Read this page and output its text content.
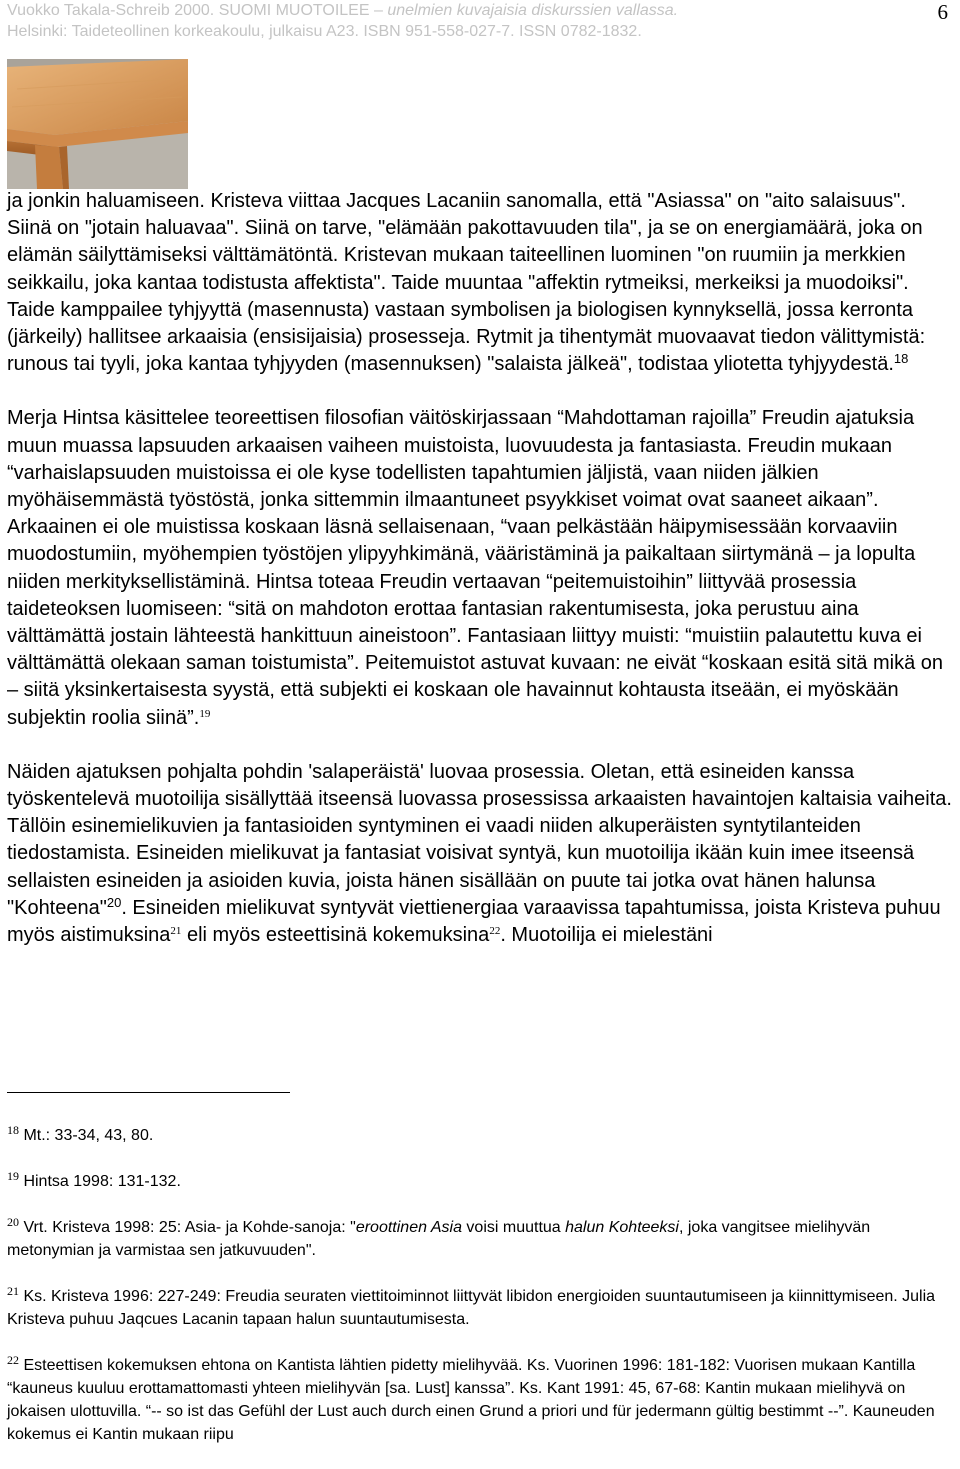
Vuokko Takala-Schreib 2000. SUOMI MUOTOILEE – unelmien kuvajaisia diskurssien vallassa.
Helsinki: Taideteollinen korkeakoulu, julkaisu A23. ISBN 951-558-027-7. ISSN 0782-1832.
6

ja jonkin haluamiseen. Kristeva viittaa Jacques Lacaniin sanomalla, että "Asiassa" on "aito salaisuus". Siinä on "jotain haluavaa". Siinä on tarve, "elämään pakottavuuden tila", ja se on energiamäärä, joka on elämän säilyttämiseksi välttämätöntä. Kristevan mukaan taiteellinen luominen "on ruumiin ja merkkien seikkailu, joka kantaa todistusta affektista". Taide muuntaa "affektin rytmeiksi, merkeiksi ja muodoiksi". Taide kamppailee tyhjyyttä (masennusta) vastaan symbolisen ja biologisen kynnyksellä, jossa kerronta (järkeily) hallitsee arkaaisia (ensisijaisia) prosesseja. Rytmit ja tihentymät muovaavat tiedon välittymistä: runous tai tyyli, joka kantaa tyhjyyden (masennuksen) "salaista jälkeä", todistaa yliotetta tyhjyydestä.$^{18}$

Merja Hintsa käsittelee teoreettisen filosofian väitöskirjassaan “Mahdottaman rajoilla” Freudin ajatuksia muun muassa lapsuuden arkaaisen vaiheen muistoista, luovuudesta ja fantasiasta. Freudin mukaan “varhaislapsuuden muistoissa ei ole kyse todellisten tapahtumien jäljistä, vaan niiden jälkien myöhäisemmästä työstöstä, jonka sittemmin ilmaantuneet psyykkiset voimat ovat saaneet aikaan”. Arkaainen ei ole muistissa koskaan läsnä sellaisenaan, “vaan pelkästään häipymisessään korvaaviin muodostumiin, myöhempien työstöjen ylipyyhkimänä, vääristäminä ja paikaltaan siirtymänä – ja lopulta niiden merkityksellistäminä. Hintsa toteaa Freudin vertaavan “peitemuistoihin” liittyvää prosessia taideteoksen luomiseen: “sitä on mahdoton erottaa fantasian rakentumisesta, joka perustuu aina välttämättä jostain lähteestä hankittuun aineistoon”. Fantasiaan liittyy muisti: “muistiin palautettu kuva ei välttämättä olekaan saman toistumista”. Peitemuistot astuvat kuvaan: ne eivät “koskaan esitä sitä mikä on – siitä yksinkertaisesta syystä, että subjekti ei koskaan ole havainnut kohtausta itseään, ei myöskään subjektin roolia siinä”.$^{19}$

Näiden ajatuksen pohjalta pohdin 'salaperäistä' luovaa prosessia. Oletan, että esineiden kanssa työskentelevä muotoilija sisällyttää itseensä luovassa prosessissa arkaaisten havaintojen kaltaisia vaiheita. Tällöin esinemielikuvien ja fantasioiden syntyminen ei vaadi niiden alkuperäisten syntytilanteiden tiedostamista. Esineiden mielikuvat ja fantasiat voisivat syntyä, kun muotoilija ikään kuin imee itseensä sellaisten esineiden ja asioiden kuvia, joista hänen sisällään on puute tai jotka ovat hänen halunsa "Kohteena"$^{20}$. Esineiden mielikuvat syntyvät viettienergiaa varaavissa tapahtumissa, joista Kristeva puhuu myös aistimuksina$^{21}$ eli myös esteettisinä kokemuksina$^{22}$. Muotoilija ei mielestäni

$^{18}$ Mt.: 33-34, 43, 80.

$^{19}$ Hintsa 1998: 131-132.

$^{20}$ Vrt. Kristeva 1998: 25: Asia- ja Kohde-sanoja: "eroottinen Asia voisi muuttua halun Kohteeksi, joka vangitsee mielihyvän metonymian ja varmistaa sen jatkuvuuden".

$^{21}$ Ks. Kristeva 1996: 227-249: Freudia seuraten viettitoiminnot liittyvät libidon energioiden suuntautumiseen ja kiinnittymiseen. Julia Kristeva puhuu Jaqcues Lacanin tapaan halun suuntautumisesta.

$^{22}$ Esteettisen kokemuksen ehtona on Kantista lähtien pidetty mielihyvää. Ks. Vuorinen 1996: 181-182: Vuorisen mukaan Kantilla “kauneus kuuluu erottamattomasti yhteen mielihyvän [sa. Lust] kanssa”. Ks. Kant 1991: 45, 67-68: Kantin mukaan mielihyvä on jokaisen ulottuvilla. “-- so ist das Gefühl der Lust auch durch einen Grund a priori und für jedermann gültig bestimmt --”. Kauneuden kokemus ei Kantin mukaan riipu
